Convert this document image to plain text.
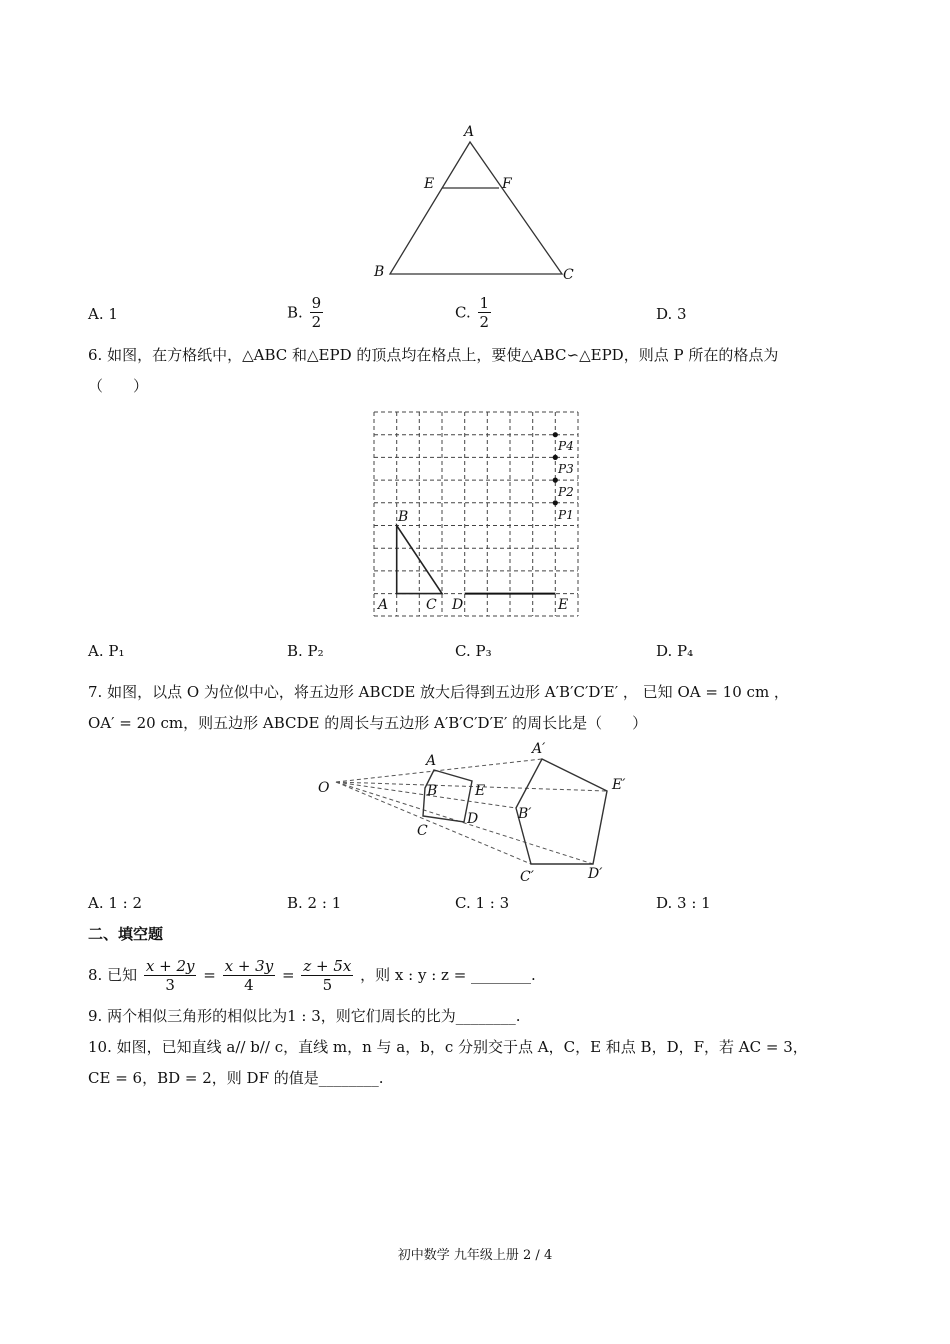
A
E	F
B	C
A. 1	B. $\frac{9}{2}$	C. $\frac{1}{2}$	D. 3
6. 如图，在方格纸中，△ABC 和△EPD 的顶点均在格点上，要使△ABC∽△EPD，则点 P 所在的格点为
（　　）
B
A	C D	E
P4
P3
P2
P1
A. P₁	B. P₂	C. P₃	D. P₄
7. 如图，以点 O 为位似中心，将五边形 ABCDE 放大后得到五边形 A′B′C′D′E′ ， 已知 OA = 10 cm ，
OA′ = 20 cm，则五边形 ABCDE 的周长与五边形 A′B′C′D′E′ 的周长比是（　　）
O
A
B	E
C
D
A′
B′
E′
C′	D′
A. 1 : 2	B. 2 : 1	C. 1 : 3	D. 3 : 1
二、填空题
8. 已知 $\frac{x + 2y}{3} = \frac{x + 3y}{4} = \frac{z + 5x}{5}$ ，则 x : y : z = ________.
9. 两个相似三角形的相似比为1 : 3，则它们周长的比为________.
10. 如图，已知直线 a// b// c，直线 m，n 与 a，b，c 分别交于点 A，C，E 和点 B，D，F，若 AC = 3，
CE = 6，BD = 2，则 DF 的值是________.
初中数学 九年级上册 2 / 4
